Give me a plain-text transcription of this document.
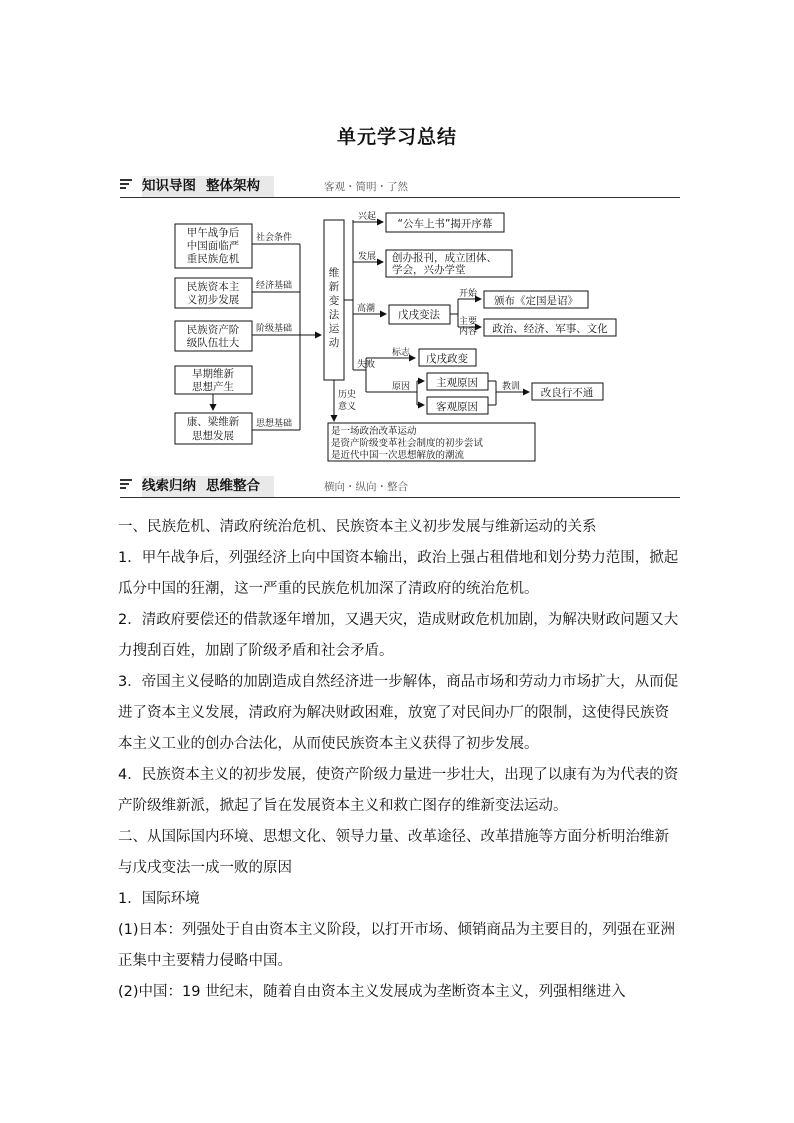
单元学习总结
知识导图 整体架构	客观・简明・了然
甲午战争后
中国面临严
重民族危机
民族资本主
义初步发展
民族资产阶
级队伍壮大
早期维新
思想产生
康、梁维新
思想发展
社会条件
经济基础
阶级基础
思想基础
维
新
变
法
运
动
兴起
发展
高潮
失败
开始
主要
内容
标志
原因	教训
历史
意义
“公车上书”揭开序幕
创办报刊，成立团体、
学会，兴办学堂
戊戌变法
颁布《定国是诏》
政治、经济、军事、文化
戊戌政变
主观原因
客观原因
改良行不通
是一场政治改革运动
是资产阶级变革社会制度的初步尝试
是近代中国一次思想解放的潮流
线索归纳 思维整合	横向・纵向・整合

一、民族危机、清政府统治危机、民族资本主义初步发展与维新运动的关系

1．甲午战争后，列强经济上向中国资本输出，政治上强占租借地和划分势力范围，掀起瓜分中国的狂潮，这一严重的民族危机加深了清政府的统治危机。

2．清政府要偿还的借款逐年增加，又遇天灾，造成财政危机加剧，为解决财政问题又大力搜刮百姓，加剧了阶级矛盾和社会矛盾。

3．帝国主义侵略的加剧造成自然经济进一步解体，商品市场和劳动力市场扩大，从而促进了资本主义发展，清政府为解决财政困难，放宽了对民间办厂的限制，这使得民族资本主义工业的创办合法化，从而使民族资本主义获得了初步发展。

4．民族资本主义的初步发展，使资产阶级力量进一步壮大，出现了以康有为为代表的资产阶级维新派，掀起了旨在发展资本主义和救亡图存的维新变法运动。

二、从国际国内环境、思想文化、领导力量、改革途径、改革措施等方面分析明治维新与戊戌变法一成一败的原因

1．国际环境

(1)日本：列强处于自由资本主义阶段，以打开市场、倾销商品为主要目的，列强在亚洲正集中主要精力侵略中国。

(2)中国：19 世纪末，随着自由资本主义发展成为垄断资本主义，列强相继进入
